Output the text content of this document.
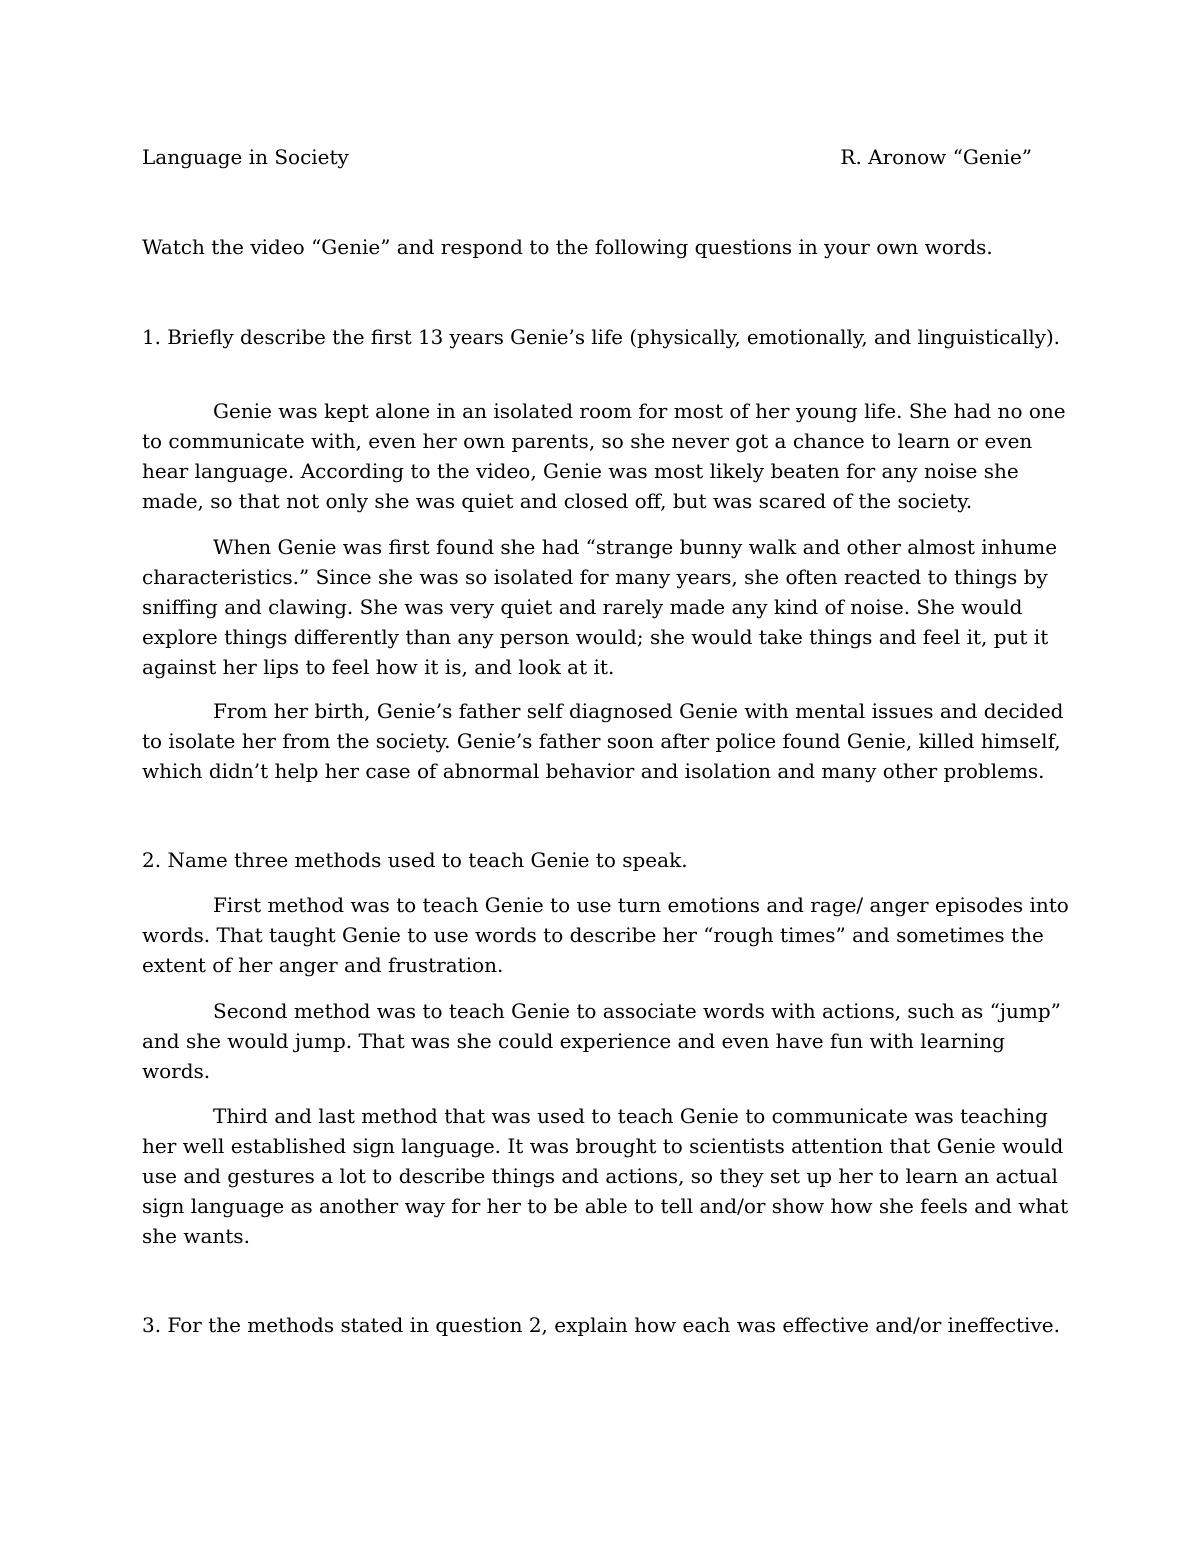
Language in Society	R. Aronow “Genie”
Watch the video “Genie” and respond to the following questions in your own words.
1. Briefly describe the first 13 years Genie’s life (physically, emotionally, and linguistically).
Genie was kept alone in an isolated room for most of her young life. She had no one
to communicate with, even her own parents, so she never got a chance to learn or even
hear language. According to the video, Genie was most likely beaten for any noise she
made, so that not only she was quiet and closed off, but was scared of the society.
When Genie was first found she had “strange bunny walk and other almost inhume
characteristics.” Since she was so isolated for many years, she often reacted to things by
sniffing and clawing. She was very quiet and rarely made any kind of noise. She would
explore things differently than any person would; she would take things and feel it, put it
against her lips to feel how it is, and look at it.
From her birth, Genie’s father self diagnosed Genie with mental issues and decided
to isolate her from the society. Genie’s father soon after police found Genie, killed himself,
which didn’t help her case of abnormal behavior and isolation and many other problems.
2. Name three methods used to teach Genie to speak.
First method was to teach Genie to use turn emotions and rage/ anger episodes into
words. That taught Genie to use words to describe her “rough times” and sometimes the
extent of her anger and frustration.
Second method was to teach Genie to associate words with actions, such as “jump”
and she would jump. That was she could experience and even have fun with learning
words.
Third and last method that was used to teach Genie to communicate was teaching
her well established sign language. It was brought to scientists attention that Genie would
use and gestures a lot to describe things and actions, so they set up her to learn an actual
sign language as another way for her to be able to tell and/or show how she feels and what
she wants.
3. For the methods stated in question 2, explain how each was effective and/or ineffective.
